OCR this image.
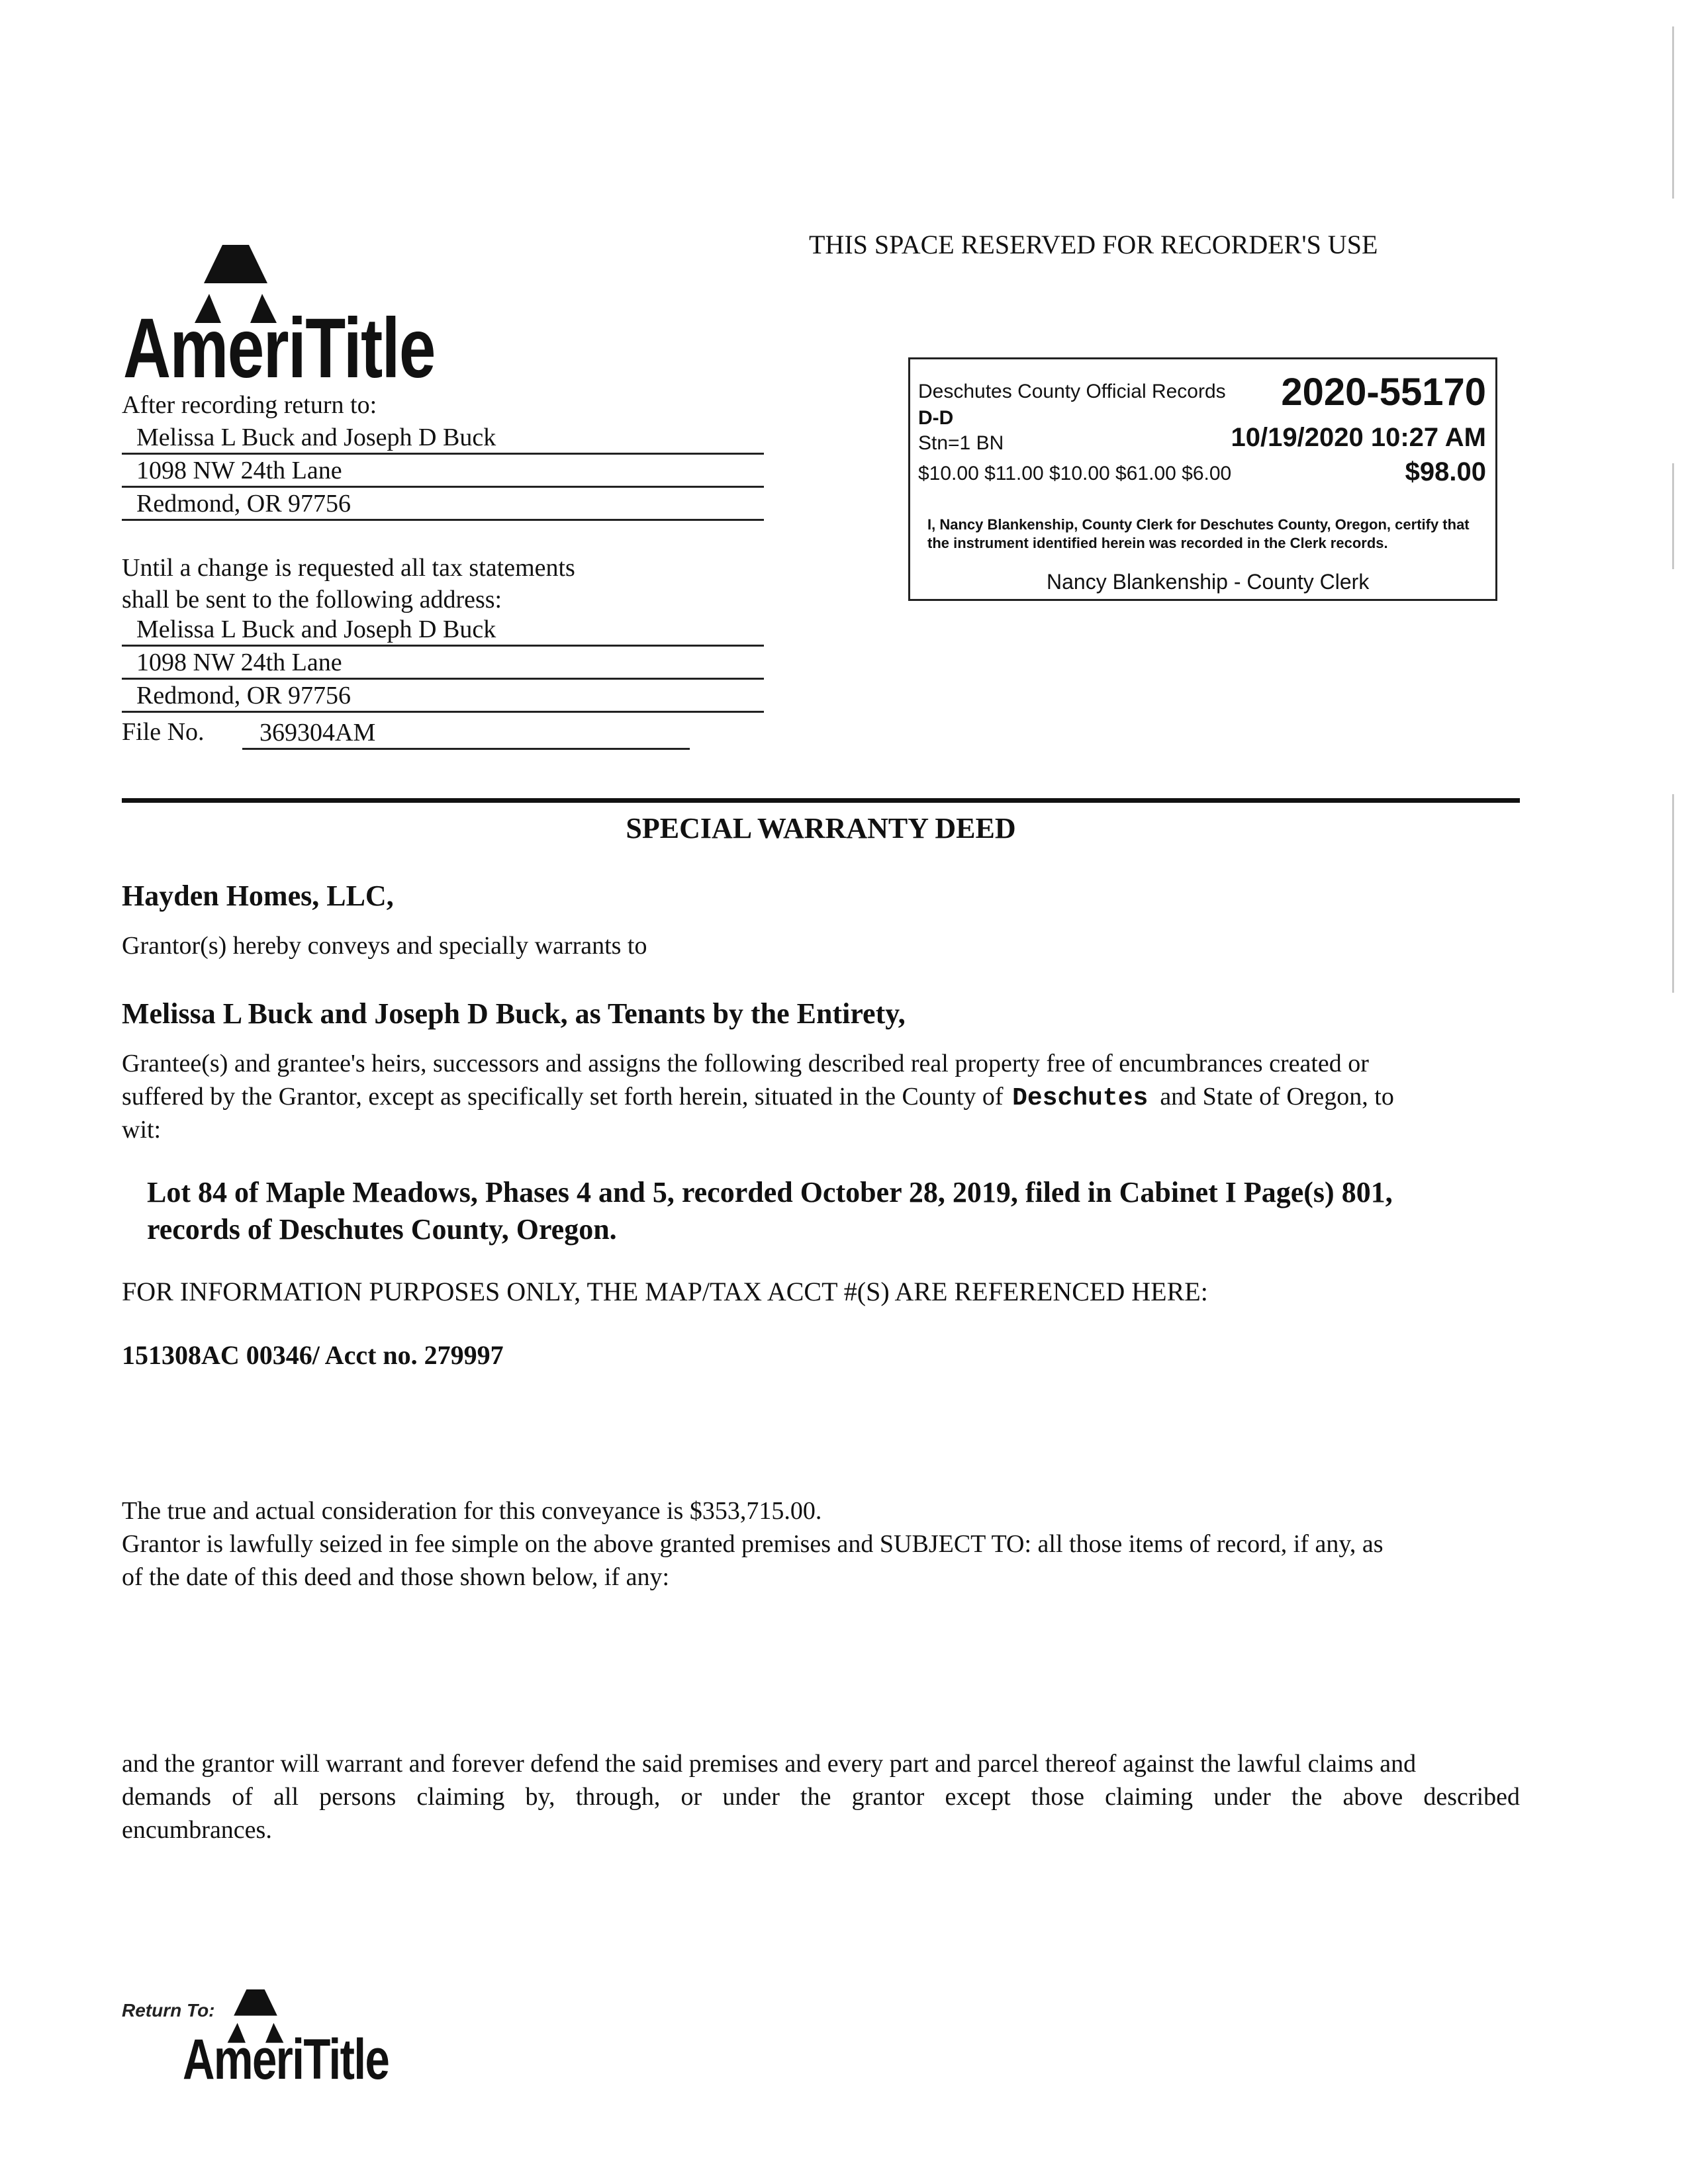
THIS SPACE RESERVED FOR RECORDER'S USE
AmeriTitle
After recording return to:
Melissa L Buck and Joseph D Buck
1098 NW 24th Lane
Redmond, OR 97756
Until a change is requested all tax statements
shall be sent to the following address:
Melissa L Buck and Joseph D Buck
1098 NW 24th Lane
Redmond, OR 97756
File No.	369304AM
Deschutes County Official Records 2020-55170
D-D
Stn=1 BN	10/19/2020 10:27 AM
$10.00 $11.00 $10.00 $61.00 $6.00	$98.00
I, Nancy Blankenship, County Clerk for Deschutes County, Oregon, certify that the instrument identified herein was recorded in the Clerk records.
Nancy Blankenship - County Clerk
SPECIAL WARRANTY DEED
Hayden Homes, LLC,
Grantor(s) hereby conveys and specially warrants to
Melissa L Buck and Joseph D Buck, as Tenants by the Entirety,
Grantee(s) and grantee's heirs, successors and assigns the following described real property free of encumbrances created or
suffered by the Grantor, except as specifically set forth herein, situated in the County of Deschutes and State of Oregon, to
wit:
Lot 84 of Maple Meadows, Phases 4 and 5, recorded October 28, 2019, filed in Cabinet I Page(s) 801,
records of Deschutes County, Oregon.
FOR INFORMATION PURPOSES ONLY, THE MAP/TAX ACCT #(S) ARE REFERENCED HERE:
151308AC 00346/ Acct no. 279997
The true and actual consideration for this conveyance is $353,715.00.
Grantor is lawfully seized in fee simple on the above granted premises and SUBJECT TO: all those items of record, if any, as
of the date of this deed and those shown below, if any:
and the grantor will warrant and forever defend the said premises and every part and parcel thereof against the lawful claims and
demands of all persons claiming by, through, or under the grantor except those claiming under the above described
encumbrances.
Return To:
AmeriTitle
